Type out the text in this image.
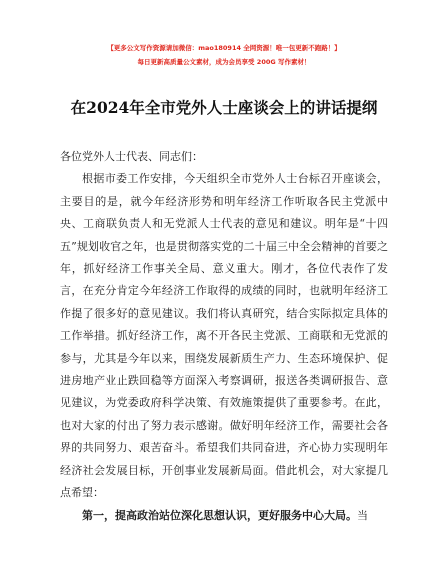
【更多公文写作资源请加微信：mao180914 全网资源！唯一包更新不跑路！】
每日更新高质量公文素材，成为会员享受 200G 写作素材！
在2024年全市党外人士座谈会上的讲话提纲

各位党外人士代表、同志们：

根据市委工作安排，今天组织全市党外人士台标召开座谈会，主要目的是，就今年经济形势和明年经济工作听取各民主党派中央、工商联负责人和无党派人士代表的意见和建议。明年是“十四五”规划收官之年，也是贯彻落实党的二十届三中全会精神的首要之年，抓好经济工作事关全局、意义重大。刚才，各位代表作了发言，在充分肯定今年经济工作取得的成绩的同时，也就明年经济工作提了很多好的意见建议。我们将认真研究，结合实际拟定具体的工作举措。抓好经济工作，离不开各民主党派、工商联和无党派的参与，尤其是今年以来，围绕发展新质生产力、生态环境保护、促进房地产业止跌回稳等方面深入考察调研，报送各类调研报告、意见建议，为党委政府科学决策、有效施策提供了重要参考。在此，也对大家的付出了努力表示感谢。做好明年经济工作，需要社会各界的共同努力、艰苦奋斗。希望我们共同奋进，齐心协力实现明年经济社会发展目标，开创事业发展新局面。借此机会，对大家提几点希望：

第一，提高政治站位深化思想认识，更好服务中心大局。当
